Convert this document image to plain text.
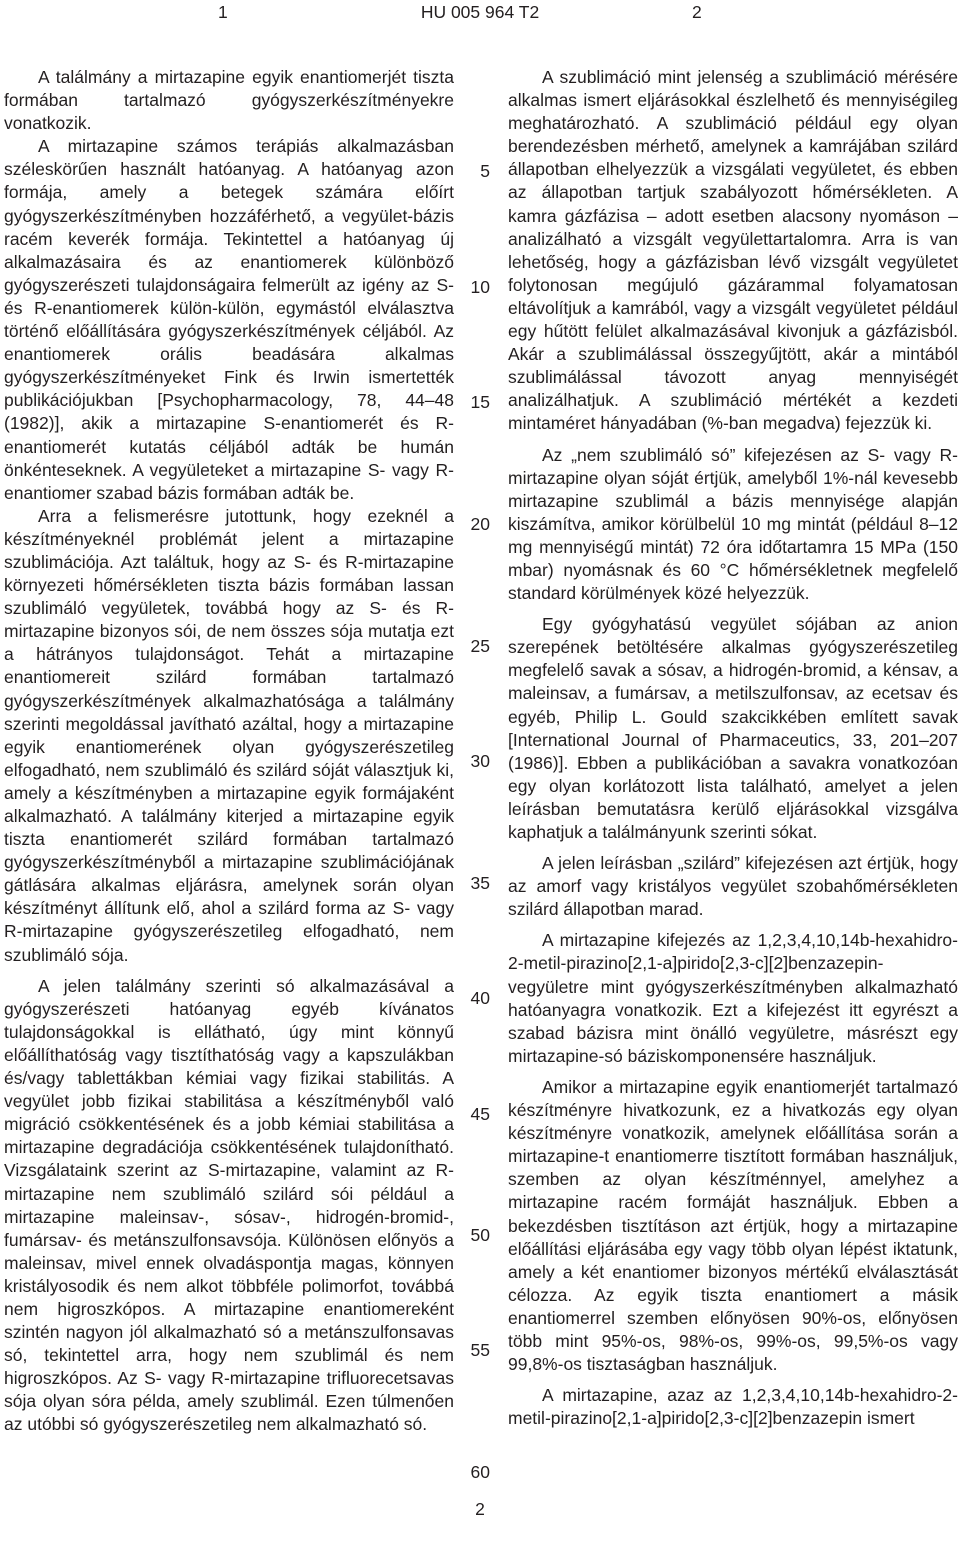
1	HU 005 964 T2	2

A találmány a mirtazapine egyik enantiomerjét tiszta formában tartalmazó gyógyszerkészítményekre vonatkozik.

A mirtazapine számos terápiás alkalmazásban széleskörűen használt hatóanyag. A hatóanyag azon formája, amely a betegek számára előírt gyógyszerkészítményben hozzáférhető, a vegyület-bázis racém keverék formája. Tekintettel a hatóanyag új alkalmazásaira és az enantiomerek különböző gyógyszerészeti tulajdonságaira felmerült az igény az S- és R-enantiomerek külön-külön, egymástól elválasztva történő előállítására gyógyszerkészítmények céljából. Az enantiomerek orális beadására alkalmas gyógyszerkészítményeket Fink és Irwin ismertették publikációjukban [Psychopharmacology, 78, 44–48 (1982)], akik a mirtazapine S-enantiomerét és R-enantiomerét kutatás céljából adták be humán önkénteseknek. A vegyületeket a mirtazapine S- vagy R-enantiomer szabad bázis formában adták be.

Arra a felismerésre jutottunk, hogy ezeknél a készítményeknél problémát jelent a mirtazapine szublimációja. Azt találtuk, hogy az S- és R-mirtazapine környezeti hőmérsékleten tiszta bázis formában lassan szublimáló vegyületek, továbbá hogy az S- és R-mirtazapine bizonyos sói, de nem összes sója mutatja ezt a hátrányos tulajdonságot. Tehát a mirtazapine enantiomereit szilárd formában tartalmazó gyógyszerkészítmények alkalmazhatósága a találmány szerinti megoldással javítható azáltal, hogy a mirtazapine egyik enantiomerének olyan gyógyszerészetileg elfogadható, nem szublimáló és szilárd sóját választjuk ki, amely a készítményben a mirtazapine egyik formájaként alkalmazható. A találmány kiterjed a mirtazapine egyik tiszta enantiomerét szilárd formában tartalmazó gyógyszerkészítményből a mirtazapine szublimációjának gátlására alkalmas eljárásra, amelynek során olyan készítményt állítunk elő, ahol a szilárd forma az S- vagy R-mirtazapine gyógyszerészetileg elfogadható, nem szublimáló sója.

A jelen találmány szerinti só alkalmazásával a gyógyszerészeti hatóanyag egyéb kívánatos tulajdonságokkal is ellátható, úgy mint könnyű előállíthatóság vagy tisztíthatóság vagy a kapszulákban és/vagy tablettákban kémiai vagy fizikai stabilitás. A vegyület jobb fizikai stabilitása a készítményből való migráció csökkentésének és a jobb kémiai stabilitása a mirtazapine degradációja csökkentésének tulajdonítható. Vizsgálataink szerint az S-mirtazapine, valamint az R-mirtazapine nem szublimáló szilárd sói például a mirtazapine maleinsav-, sósav-, hidrogén-bromid-, fumársav- és metánszulfonsavsója. Különösen előnyös a maleinsav, mivel ennek olvadáspontja magas, könnyen kristályosodik és nem alkot többféle polimorfot, továbbá nem higroszkópos. A mirtazapine enantiomereként szintén nagyon jól alkalmazható só a metánszulfonsavas só, tekintettel arra, hogy nem szublimál és nem higroszkópos. Az S- vagy R-mirtazapine trifluorecetsavas sója olyan sóra példa, amely szublimál. Ezen túlmenően az utóbbi só gyógyszerészetileg nem alkalmazható só.

A szublimáció mint jelenség a szublimáció mérésére alkalmas ismert eljárásokkal észlelhető és mennyiségileg meghatározható. A szublimáció például egy olyan berendezésben mérhető, amelynek a kamrájában szilárd állapotban elhelyezzük a vizsgálati vegyületet, és ebben az állapotban tartjuk szabályozott hőmérsékleten. A kamra gázfázisa – adott esetben alacsony nyomáson – analizálható a vizsgált vegyülettartalomra. Arra is van lehetőség, hogy a gázfázisban lévő vizsgált vegyületet folytonosan megújuló gázárammal folyamatosan eltávolítjuk a kamrából, vagy a vizsgált vegyületet például egy hűtött felület alkalmazásával kivonjuk a gázfázisból. Akár a szublimálással összegyűjtött, akár a mintából szublimálással távozott anyag mennyiségét analizálhatjuk. A szublimáció mértékét a kezdeti mintaméret hányadában (%-ban megadva) fejezzük ki.

Az „nem szublimáló só” kifejezésen az S- vagy R-mirtazapine olyan sóját értjük, amelyből 1%-nál kevesebb mirtazapine szublimál a bázis mennyisége alapján kiszámítva, amikor körülbelül 10 mg mintát (például 8–12 mg mennyiségű mintát) 72 óra időtartamra 15 MPa (150 mbar) nyomásnak és 60 °C hőmérsékletnek megfelelő standard körülmények közé helyezzük.

Egy gyógyhatású vegyület sójában az anion szerepének betöltésére alkalmas gyógyszerészetileg megfelelő savak a sósav, a hidrogén-bromid, a kénsav, a maleinsav, a fumársav, a metilszulfonsav, az ecetsav és egyéb, Philip L. Gould szakcikkében említett savak [International Journal of Pharmaceutics, 33, 201–207 (1986)]. Ebben a publikációban a savakra vonatkozóan egy olyan korlátozott lista található, amelyet a jelen leírásban bemutatásra kerülő eljárásokkal vizsgálva kaphatjuk a találmányunk szerinti sókat.

A jelen leírásban „szilárd” kifejezésen azt értjük, hogy az amorf vagy kristályos vegyület szobahőmérsékleten szilárd állapotban marad.

A mirtazapine kifejezés az 1,2,3,4,10,14b-hexahidro-2-metil-pirazino[2,1-a]pirido[2,3-c][2]benzazepin-vegyületre mint gyógyszerkészítményben alkalmazható hatóanyagra vonatkozik. Ezt a kifejezést itt egyrészt a szabad bázisra mint önálló vegyületre, másrészt egy mirtazapine-só báziskomponensére használjuk.

Amikor a mirtazapine egyik enantiomerjét tartalmazó készítményre hivatkozunk, ez a hivatkozás egy olyan készítményre vonatkozik, amelynek előállítása során a mirtazapine-t enantiomerre tisztított formában használjuk, szemben az olyan készítménnyel, amelyhez a mirtazapine racém formáját használjuk. Ebben a bekezdésben tisztításon azt értjük, hogy a mirtazapine előállítási eljárásába egy vagy több olyan lépést iktatunk, amely a két enantiomer bizonyos mértékű elválasztását célozza. Az egyik tiszta enantiomert a másik enantiomerrel szemben előnyösen 90%-os, előnyösen több mint 95%-os, 98%-os, 99%-os, 99,5%-os vagy 99,8%-os tisztaságban használjuk.

A mirtazapine, azaz az 1,2,3,4,10,14b-hexahidro-2-metil-pirazino[2,1-a]pirido[2,3-c][2]benzazepin ismert

5
10
15
20
25
30
35
40
45
50
55
60
2
